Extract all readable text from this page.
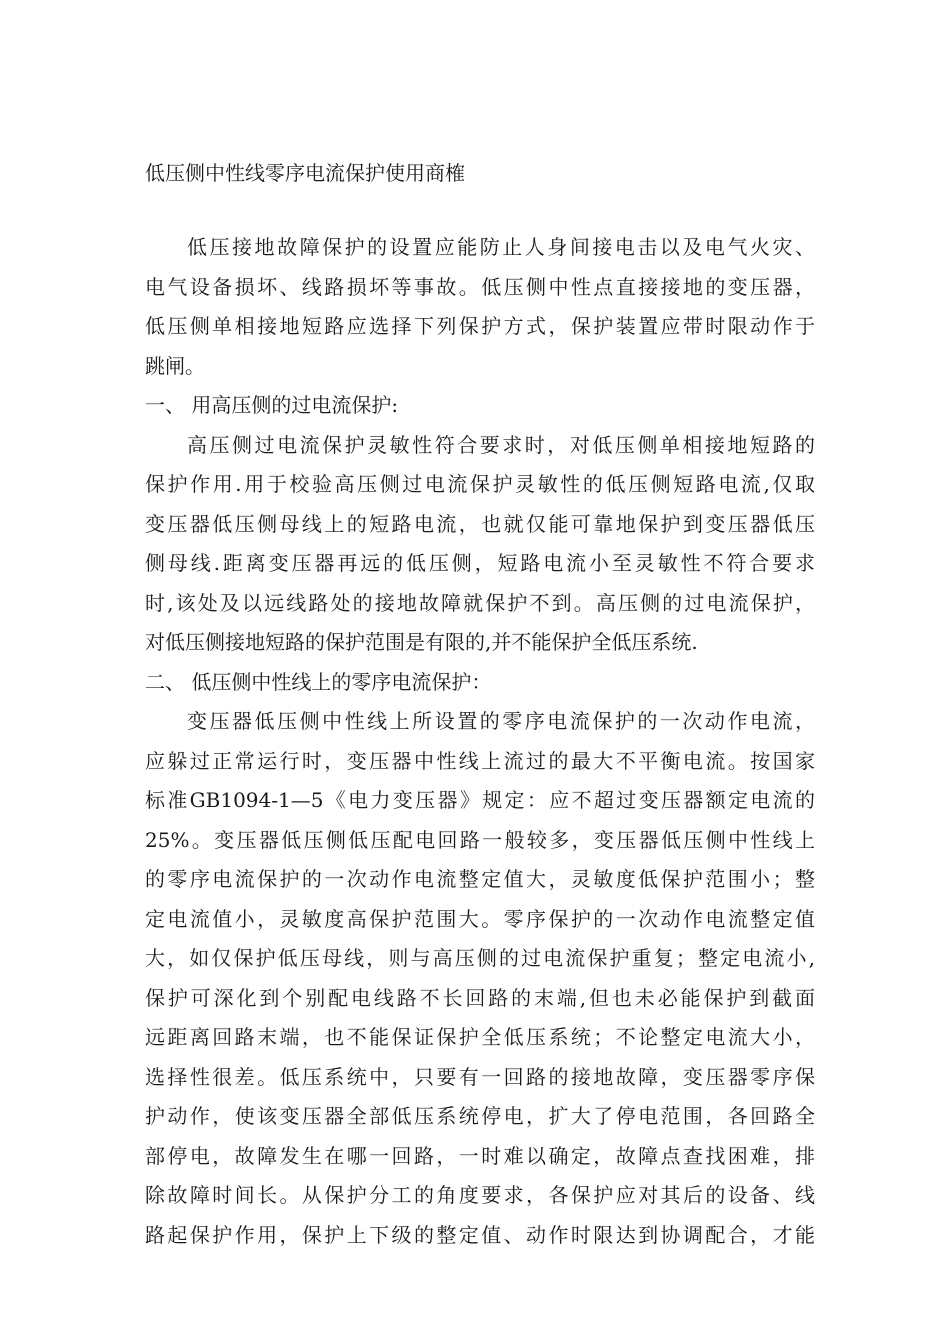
低压侧中性线零序电流保护使用商榷
低压接地故障保护的设置应能防止人身间接电击以及电气火灾、
电气设备损坏、线路损坏等事故。低压侧中性点直接接地的变压器，
低压侧单相接地短路应选择下列保护方式，保护装置应带时限动作于
跳闸。
一、 用高压侧的过电流保护:
高压侧过电流保护灵敏性符合要求时，对低压侧单相接地短路的
保护作用.用于校验高压侧过电流保护灵敏性的低压侧短路电流,仅取
变压器低压侧母线上的短路电流，也就仅能可靠地保护到变压器低压
侧母线.距离变压器再远的低压侧，短路电流小至灵敏性不符合要求
时,该处及以远线路处的接地故障就保护不到。高压侧的过电流保护，
对低压侧接地短路的保护范围是有限的,并不能保护全低压系统.
二、 低压侧中性线上的零序电流保护：
变压器低压侧中性线上所设置的零序电流保护的一次动作电流，
应躲过正常运行时，变压器中性线上流过的最大不平衡电流。按国家
标准GB1094-1—5《电力变压器》规定：应不超过变压器额定电流的
25%。变压器低压侧低压配电回路一般较多，变压器低压侧中性线上
的零序电流保护的一次动作电流整定值大，灵敏度低保护范围小；整
定电流值小，灵敏度高保护范围大。零序保护的一次动作电流整定值
大，如仅保护低压母线，则与高压侧的过电流保护重复；整定电流小,
保护可深化到个别配电线路不长回路的末端,但也未必能保护到截面
远距离回路末端，也不能保证保护全低压系统；不论整定电流大小，
选择性很差。低压系统中，只要有一回路的接地故障，变压器零序保
护动作，使该变压器全部低压系统停电，扩大了停电范围，各回路全
部停电，故障发生在哪一回路，一时难以确定，故障点查找困难，排
除故障时间长。从保护分工的角度要求，各保护应对其后的设备、线
路起保护作用，保护上下级的整定值、动作时限达到协调配合，才能
